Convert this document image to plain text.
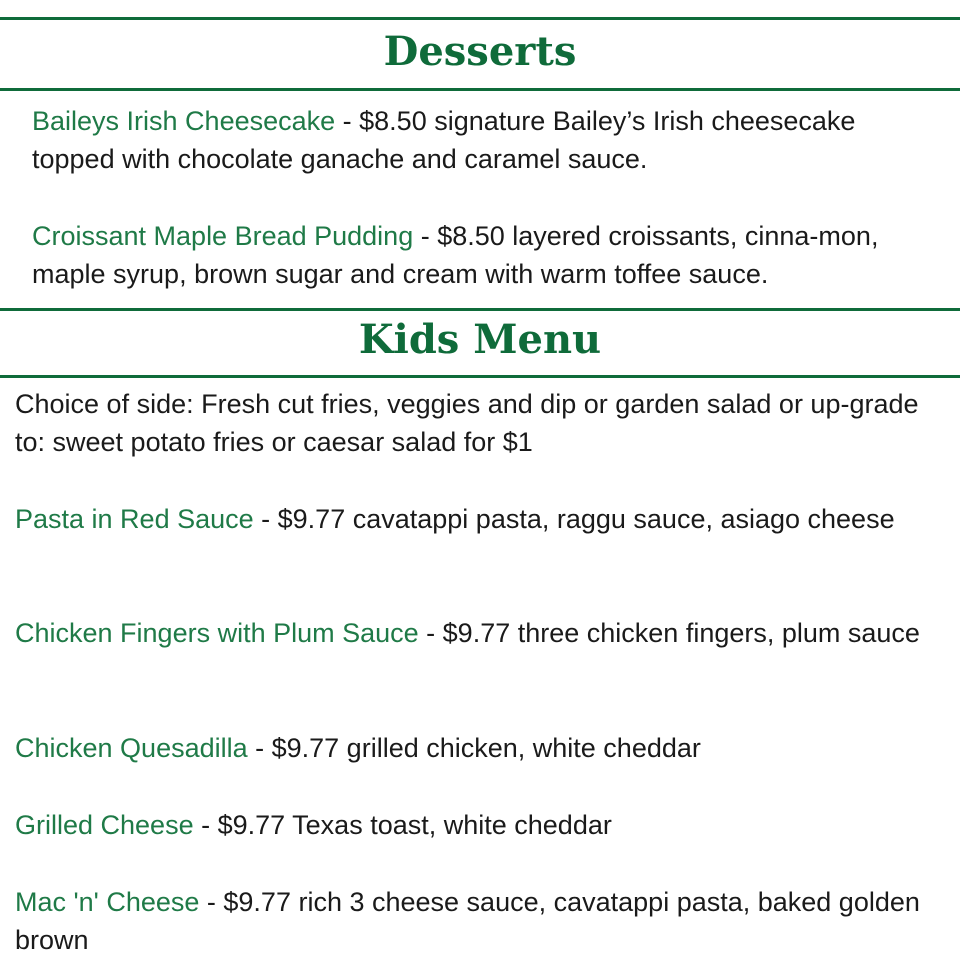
Desserts
Baileys Irish Cheesecake - $8.50 signature Bailey’s Irish cheesecake topped with chocolate ganache and caramel sauce.
Croissant Maple Bread Pudding - $8.50 layered croissants, cinna-mon, maple syrup, brown sugar and cream with warm toffee sauce.
Kids Menu
Choice of side: Fresh cut fries, veggies and dip or garden salad or up-grade to: sweet potato fries or caesar salad for $1
Pasta in Red Sauce - $9.77 cavatappi pasta, raggu sauce, asiago cheese
Chicken Fingers with Plum Sauce - $9.77 three chicken fingers, plum sauce
Chicken Quesadilla - $9.77 grilled chicken, white cheddar
Grilled Cheese - $9.77 Texas toast, white cheddar
Mac 'n' Cheese - $9.77 rich 3 cheese sauce, cavatappi pasta, baked golden brown
